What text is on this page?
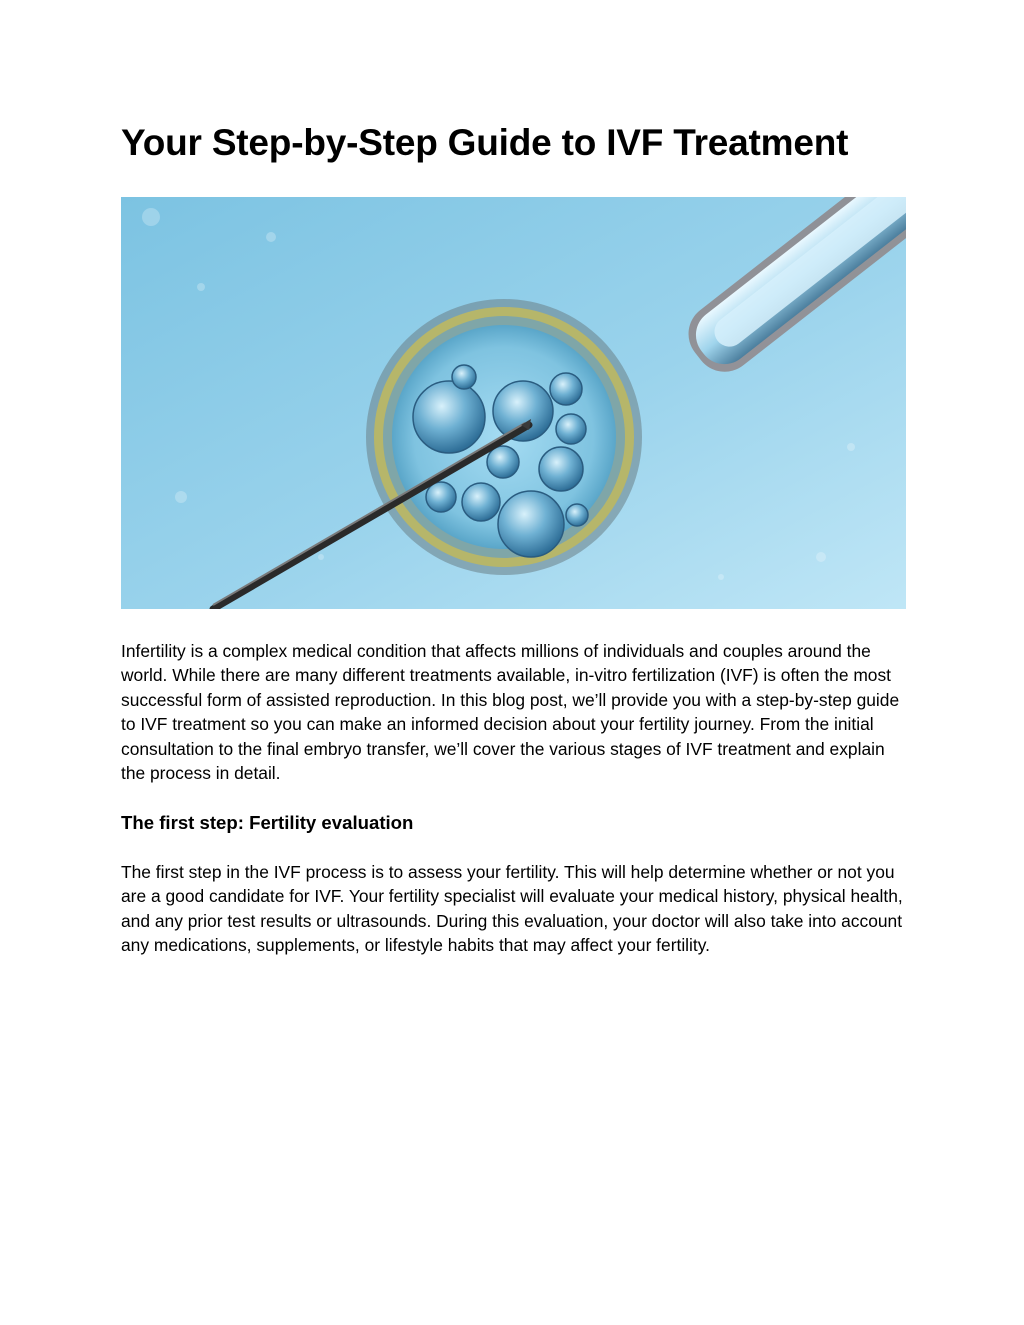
Your Step-by-Step Guide to IVF Treatment

Infertility is a complex medical condition that affects millions of individuals and couples around the world. While there are many different treatments available, in-vitro fertilization (IVF) is often the most successful form of assisted reproduction. In this blog post, we’ll provide you with a step-by-step guide to IVF treatment so you can make an informed decision about your fertility journey. From the initial consultation to the final embryo transfer, we’ll cover the various stages of IVF treatment and explain the process in detail.

The first step: Fertility evaluation

The first step in the IVF process is to assess your fertility. This will help determine whether or not you are a good candidate for IVF. Your fertility specialist will evaluate your medical history, physical health, and any prior test results or ultrasounds. During this evaluation, your doctor will also take into account any medications, supplements, or lifestyle habits that may affect your fertility.
